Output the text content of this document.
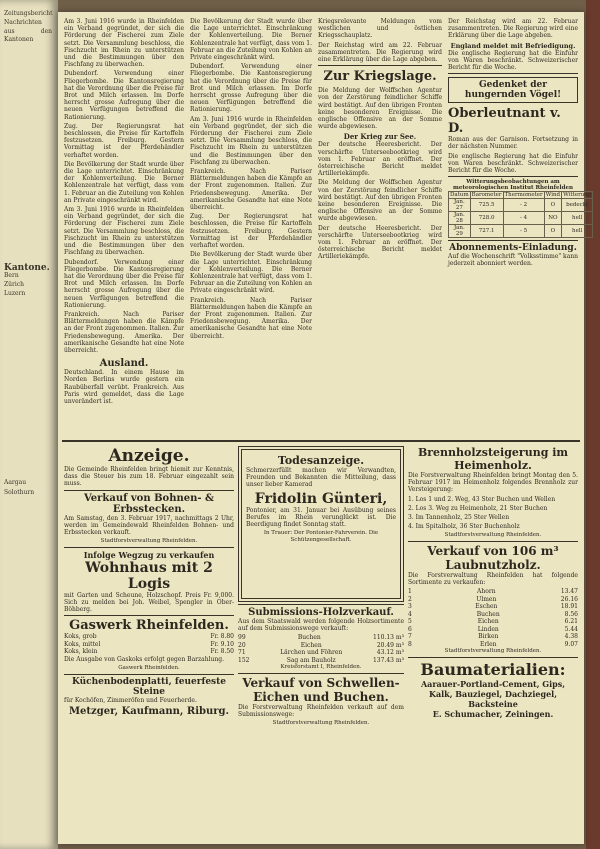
Zeitungsbericht
Nachrichten
aus den Kantonen
Kantone.
Bern
Zürich
Luzern
Aargau
Solothurn

Am 3. Juni 1916 wurde in Rheinfelden ein Verband gegründet, der sich die Förderung der Fischerei zum Ziele setzt. Die Versammlung beschloss, die Fischzucht im Rhein zu unterstützen und die Bestimmungen über den Fischfang zu überwachen.

Dubendorf. Verwendung einer Fliegerbombe. Die Kantonsregierung hat die Verordnung über die Preise für Brot und Milch erlassen. Im Dorfe herrscht grosse Aufregung über die neuen Verfügungen betreffend die Rationierung.

Zug. Der Regierungsrat hat beschlossen, die Preise für Kartoffeln festzusetzen. Freiburg. Gestern Vormittag ist der Pferdehändler verhaftet worden.

Die Bevölkerung der Stadt wurde über die Lage unterrichtet. Einschränkung der Kohlenverteilung. Die Berner Kohlenzentrale hat verfügt, dass vom 1. Februar an die Zuteilung von Kohlen an Private eingeschränkt wird.

Am 3. Juni 1916 wurde in Rheinfelden ein Verband gegründet, der sich die Förderung der Fischerei zum Ziele setzt. Die Versammlung beschloss, die Fischzucht im Rhein zu unterstützen und die Bestimmungen über den Fischfang zu überwachen.

Dubendorf. Verwendung einer Fliegerbombe. Die Kantonsregierung hat die Verordnung über die Preise für Brot und Milch erlassen. Im Dorfe herrscht grosse Aufregung über die neuen Verfügungen betreffend die Rationierung.

Frankreich. Nach Pariser Blättermeldungen haben die Kämpfe an der Front zugenommen. Italien. Zur Friedensbewegung. Amerika. Der amerikanische Gesandte hat eine Note überreicht.

Ausland.

Deutschland. In einem Hause im Norden Berlins wurde gestern ein Raubüberfall verübt. Frankreich. Aus Paris wird gemeldet, dass die Lage unverändert ist.

Die Bevölkerung der Stadt wurde über die Lage unterrichtet. Einschränkung der Kohlenverteilung. Die Berner Kohlenzentrale hat verfügt, dass vom 1. Februar an die Zuteilung von Kohlen an Private eingeschränkt wird.

Dubendorf. Verwendung einer Fliegerbombe. Die Kantonsregierung hat die Verordnung über die Preise für Brot und Milch erlassen. Im Dorfe herrscht grosse Aufregung über die neuen Verfügungen betreffend die Rationierung.

Am 3. Juni 1916 wurde in Rheinfelden ein Verband gegründet, der sich die Förderung der Fischerei zum Ziele setzt. Die Versammlung beschloss, die Fischzucht im Rhein zu unterstützen und die Bestimmungen über den Fischfang zu überwachen.

Frankreich. Nach Pariser Blättermeldungen haben die Kämpfe an der Front zugenommen. Italien. Zur Friedensbewegung. Amerika. Der amerikanische Gesandte hat eine Note überreicht.

Zug. Der Regierungsrat hat beschlossen, die Preise für Kartoffeln festzusetzen. Freiburg. Gestern Vormittag ist der Pferdehändler verhaftet worden.

Die Bevölkerung der Stadt wurde über die Lage unterrichtet. Einschränkung der Kohlenverteilung. Die Berner Kohlenzentrale hat verfügt, dass vom 1. Februar an die Zuteilung von Kohlen an Private eingeschränkt wird.

Frankreich. Nach Pariser Blättermeldungen haben die Kämpfe an der Front zugenommen. Italien. Zur Friedensbewegung. Amerika. Der amerikanische Gesandte hat eine Note überreicht.

Kriegsrelevante Meldungen vom westlichen und östlichen Kriegsschauplatz.

Der Reichstag wird am 22. Februar zusammentreten. Die Regierung wird eine Erklärung über die Lage abgeben.

Zur Kriegslage.

Die Meldung der Wolffschen Agentur von der Zerstörung feindlicher Schiffe wird bestätigt. Auf den übrigen Fronten keine besonderen Ereignisse. Die englische Offensive an der Somme wurde abgewiesen.

Der Krieg zur See.

Der deutsche Heeresbericht. Der verschärfte Unterseebootkrieg wird vom 1. Februar an eröffnet. Der österreichische Bericht meldet Artilleriekämpfe.

Die Meldung der Wolffschen Agentur von der Zerstörung feindlicher Schiffe wird bestätigt. Auf den übrigen Fronten keine besonderen Ereignisse. Die englische Offensive an der Somme wurde abgewiesen.

Der deutsche Heeresbericht. Der verschärfte Unterseebootkrieg wird vom 1. Februar an eröffnet. Der österreichische Bericht meldet Artilleriekämpfe.

Der Reichstag wird am 22. Februar zusammentreten. Die Regierung wird eine Erklärung über die Lage abgeben.

England meldet mit Befriedigung.

Die englische Regierung hat die Einfuhr von Waren beschränkt. Schweizerischer Bericht für die Woche.

Gedenket der hungernden Vögel!
Oberleutnant v. D.

Roman aus der Garnison. Fortsetzung in der nächsten Nummer.

Die englische Regierung hat die Einfuhr von Waren beschränkt. Schweizerischer Bericht für die Woche.

Witterungsbeobachtungen am meteorologischen Institut Rheinfelden
Datum	Barometer	Thermometer	Wind	Witterung
Jan. 27	725.5	- 2	O	bedeckt
Jan. 28	728.0	- 4	NO	hell
Jan. 29	727.1	- 5	O	hell
Abonnements-Einladung.

Auf die Wochenschrift "Volksstimme" kann jederzeit abonniert werden.

Anzeige.

Die Gemeinde Rheinfelden bringt hiemit zur Kenntnis, dass die Steuer bis zum 18. Februar eingezahlt sein muss.

Verkauf von Bohnen- & Erbsstecken.

Am Samstag, den 3. Februar 1917, nachmittags 2 Uhr, werden im Gemeindewald Rheinfelden Bohnen- und Erbsstecken verkauft.

Stadtforstverwaltung Rheinfelden.
Infolge Wegzug zu verkaufen
Wohnhaus mit 2 Logis

mit Garten und Scheune, Holzschopf. Preis Fr. 9,000. Sich zu melden bei Joh. Weibel, Spengler in Ober-Böhberg.

Gaswerk Rheinfelden.
Koks, grob	Fr. 8.80
Koks, mittel	Fr. 9.10
Koks, klein	Fr. 8.50

Die Ausgabe von Gaskoks erfolgt gegen Barzahlung.

Gaswerk Rheinfelden.
Küchenbodenplatti, feuerfeste Steine

für Kochöfen, Zimmeröfen und Feuerherde.

Metzger, Kaufmann, Riburg.
Todesanzeige.

Schmerzerfüllt machen wir Verwandten, Freunden und Bekannten die Mitteilung, dass unser lieber Kamerad

Fridolin Günteri,

Pontonier, am 31. Januar bei Ausübung seines Berufes im Rhein verunglückt ist. Die Beerdigung findet Sonntag statt.

In Trauer: Der Pontonier-Fahrverein. Die Schützengesellschaft.
Submissions-Holzverkauf.

Aus dem Staatswald werden folgende Holzsortimente auf dem Submissionswege verkauft:

99	Buchen	110.13 m³
20	Eichen	20.49 m³
71	Lärchen und Föhren	43.12 m³
152	Sag am Bauholz	137.43 m³
Kreisforstamt I, Rheinfelden.
Verkauf von Schwellen-Eichen und Buchen.

Die Forstverwaltung Rheinfelden verkauft auf dem Submissionswege:

Stadtforstverwaltung Rheinfelden.
Brennholzsteigerung im Heimenholz.

Die Forstverwaltung Rheinfelden bringt Montag den 5. Februar 1917 im Heimenholz folgendes Brennholz zur Versteigerung:

1. Los 1 und 2. Weg, 43 Ster Buchen und Wellen
2. Los 3. Weg zu Heimenholz, 21 Ster Buchen
3. Im Tannenholz, 25 Ster Wellen
4. Im Spitalholz, 36 Ster Buchenholz
Stadtforstverwaltung Rheinfelden.
Verkauf von 106 m³ Laubnutzholz.

Die Forstverwaltung Rheinfelden hat folgende Sortimente zu verkaufen:

1	Ahorn	13.47
2	Ulmen	26.16
3	Eschen	18.91
4	Buchen	8.56
5	Eichen	6.21
6	Linden	5.44
7	Birken	4.38
8	Erlen	9.07
Stadtforstverwaltung Rheinfelden.
Baumaterialien:
Aarauer-Portland-Cement, Gips, Kalk, Bauziegel, Dachziegel, Backsteine
E. Schumacher, Zeiningen.
